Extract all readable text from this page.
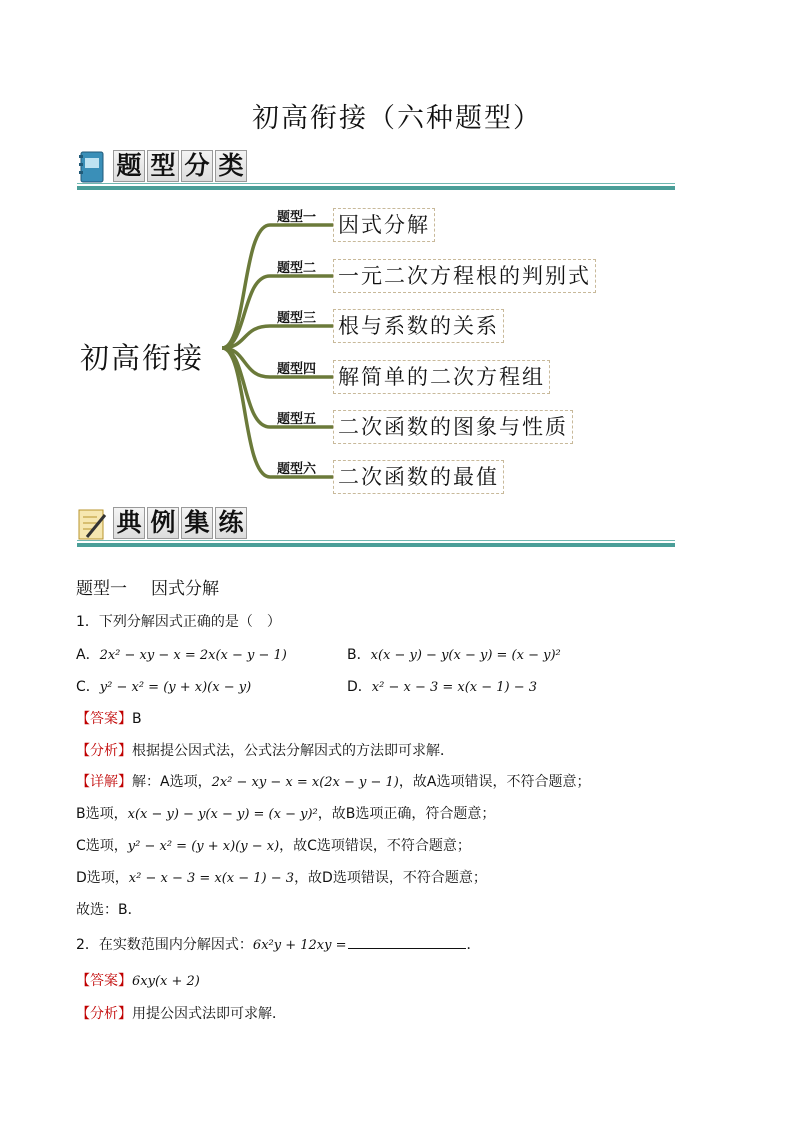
初高衔接（六种题型）
题 型 分 类
初高衔接
题型一 因式分解
题型二 一元二次方程根的判别式
题型三 根与系数的关系
题型四 解简单的二次方程组
题型五 二次函数的图象与性质
题型六 二次函数的最值
典 例 集 练
题型一 因式分解
1．下列分解因式正确的是（　）
A．2x² − xy − x = 2x(x − y − 1)	B．x(x − y) − y(x − y) = (x − y)²
C．y² − x² = (y + x)(x − y)	D．x² − x − 3 = x(x − 1) − 3
【答案】B
【分析】根据提公因式法，公式法分解因式的方法即可求解．
【详解】解：A选项，2x² − xy − x = x(2x − y − 1)，故A选项错误，不符合题意；
B选项，x(x − y) − y(x − y) = (x − y)²，故B选项正确，符合题意；
C选项，y² − x² = (y + x)(y − x)，故C选项错误，不符合题意；
D选项，x² − x − 3 = x(x − 1) − 3，故D选项错误，不符合题意；
故选：B．
2．在实数范围内分解因式：6x²y + 12xy =	．
【答案】6xy(x + 2)
【分析】用提公因式法即可求解．
